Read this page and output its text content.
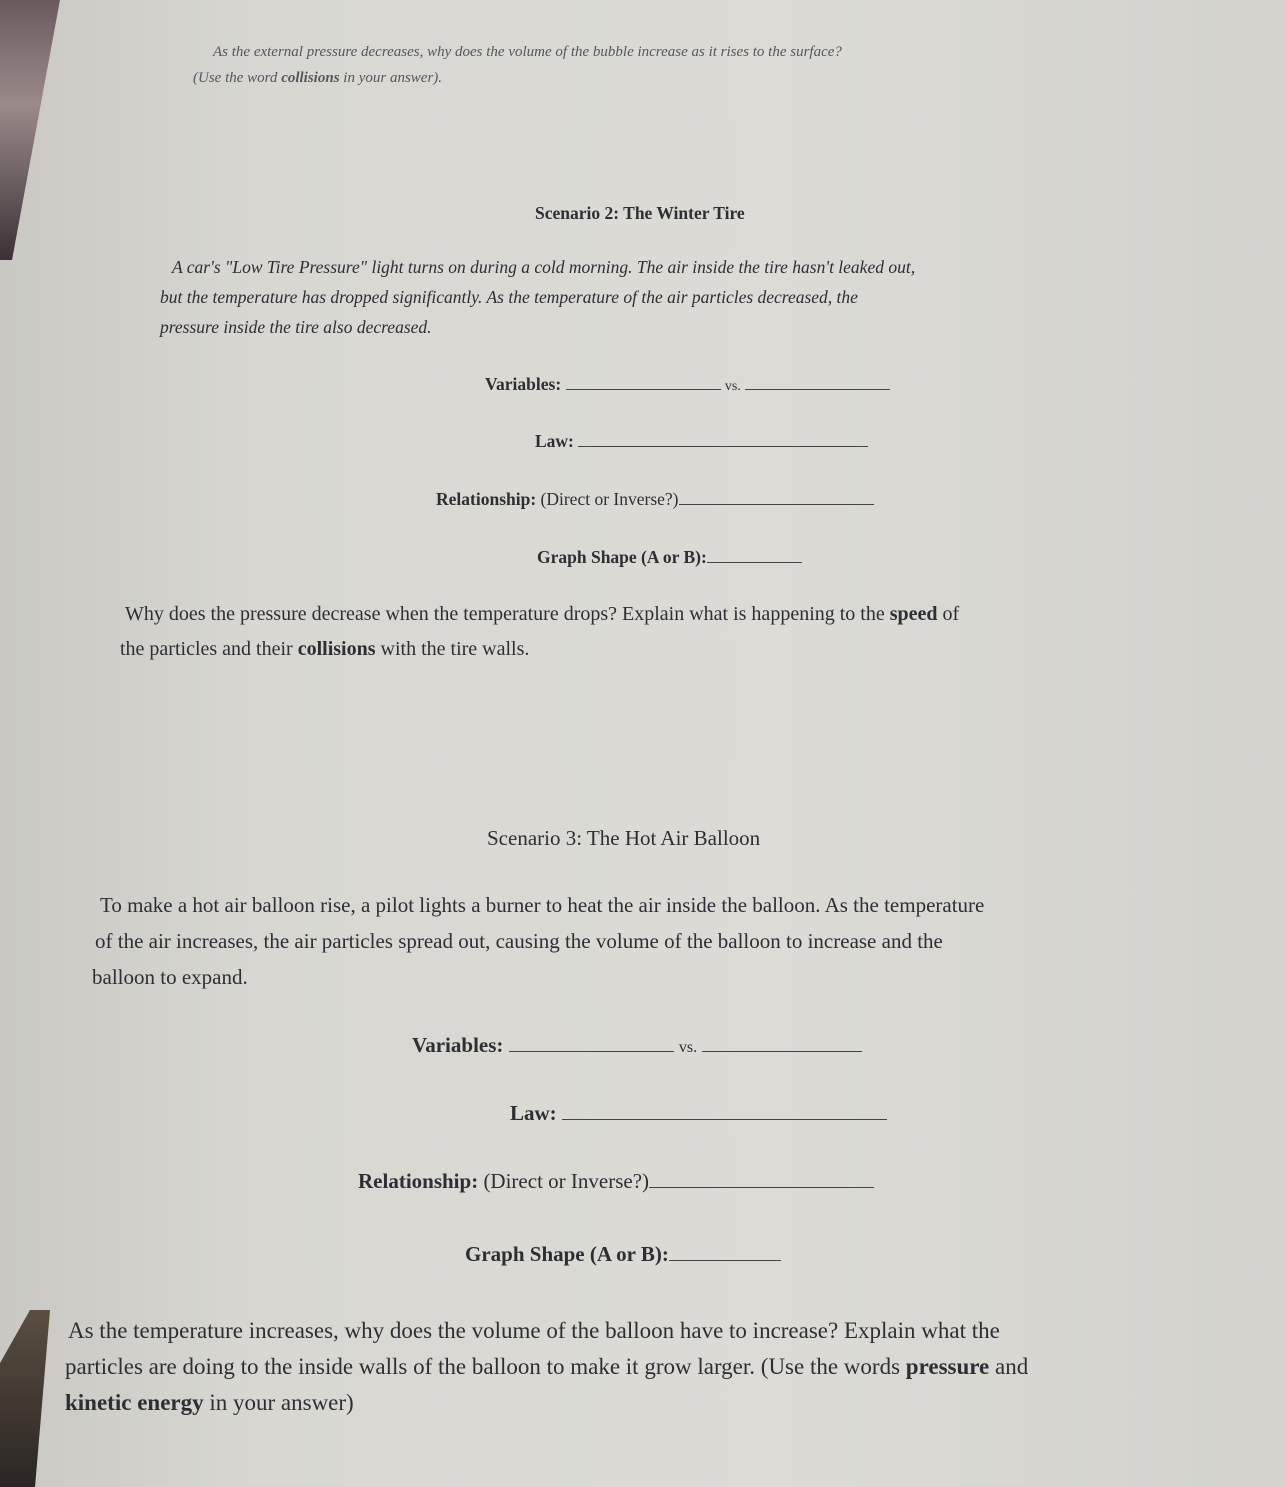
As the external pressure decreases, why does the volume of the bubble increase as it rises to the surface?
(Use the word collisions in your answer).
Scenario 2: The Winter Tire
A car's "Low Tire Pressure" light turns on during a cold morning. The air inside the tire hasn't leaked out,
but the temperature has dropped significantly. As the temperature of the air particles decreased, the
pressure inside the tire also decreased.
Variables:	vs.
Law:
Relationship: (Direct or Inverse?)
Graph Shape (A or B):
Why does the pressure decrease when the temperature drops? Explain what is happening to the speed of
the particles and their collisions with the tire walls.
Scenario 3: The Hot Air Balloon
To make a hot air balloon rise, a pilot lights a burner to heat the air inside the balloon. As the temperature
of the air increases, the air particles spread out, causing the volume of the balloon to increase and the
balloon to expand.
Variables:	vs.
Law:
Relationship: (Direct or Inverse?)
Graph Shape (A or B):
As the temperature increases, why does the volume of the balloon have to increase? Explain what the
particles are doing to the inside walls of the balloon to make it grow larger. (Use the words pressure and
kinetic energy in your answer)
